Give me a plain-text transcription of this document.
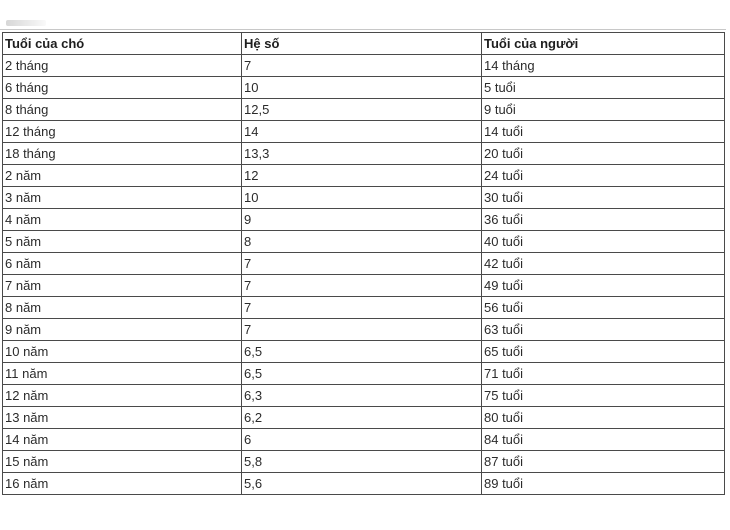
Tuổi của chó	Hệ số	Tuổi của người
2 tháng	7	14 tháng
6 tháng	10	5 tuổi
8 tháng	12,5	9 tuổi
12 tháng	14	14 tuổi
18 tháng	13,3	20 tuổi
2 năm	12	24 tuổi
3 năm	10	30 tuổi
4 năm	9	36 tuổi
5 năm	8	40 tuổi
6 năm	7	42 tuổi
7 năm	7	49 tuổi
8 năm	7	56 tuổi
9 năm	7	63 tuổi
10 năm	6,5	65 tuổi
11 năm	6,5	71 tuổi
12 năm	6,3	75 tuổi
13 năm	6,2	80 tuổi
14 năm	6	84 tuổi
15 năm	5,8	87 tuổi
16 năm	5,6	89 tuổi
